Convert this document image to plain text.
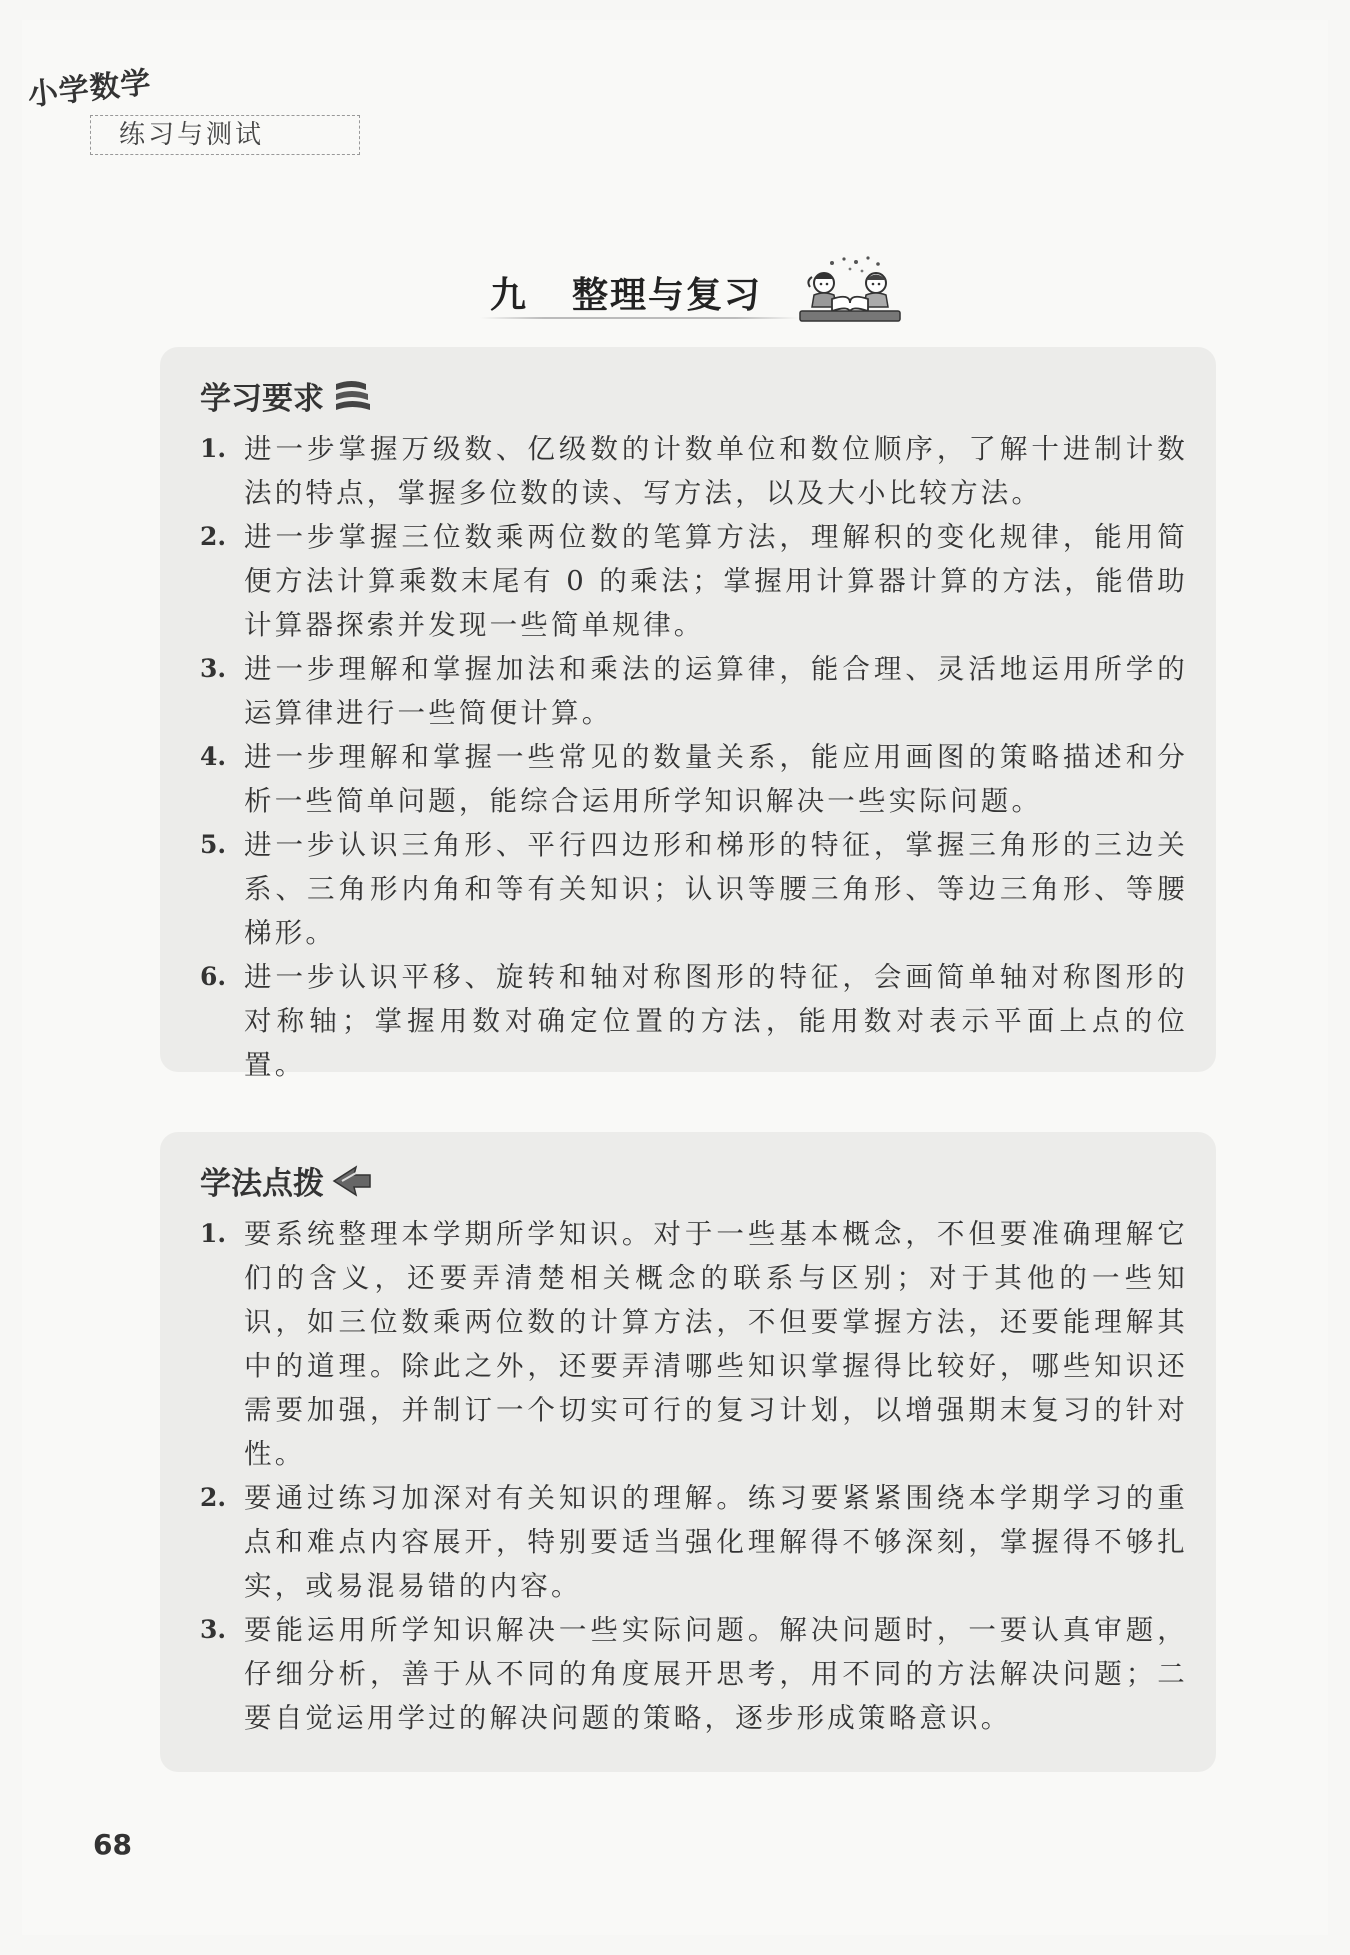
小学数学
练习与测试
九 整理与复习
学习要求
1. 进一步掌握万级数、亿级数的计数单位和数位顺序，了解十进制计数法的特点，掌握多位数的读、写方法，以及大小比较方法。
2. 进一步掌握三位数乘两位数的笔算方法，理解积的变化规律，能用简便方法计算乘数末尾有 0 的乘法；掌握用计算器计算的方法，能借助计算器探索并发现一些简单规律。
3. 进一步理解和掌握加法和乘法的运算律，能合理、灵活地运用所学的运算律进行一些简便计算。
4. 进一步理解和掌握一些常见的数量关系，能应用画图的策略描述和分析一些简单问题，能综合运用所学知识解决一些实际问题。
5. 进一步认识三角形、平行四边形和梯形的特征，掌握三角形的三边关系、三角形内角和等有关知识；认识等腰三角形、等边三角形、等腰梯形。
6. 进一步认识平移、旋转和轴对称图形的特征，会画简单轴对称图形的对称轴；掌握用数对确定位置的方法，能用数对表示平面上点的位置。
学法点拨
1. 要系统整理本学期所学知识。对于一些基本概念，不但要准确理解它们的含义，还要弄清楚相关概念的联系与区别；对于其他的一些知识，如三位数乘两位数的计算方法，不但要掌握方法，还要能理解其中的道理。除此之外，还要弄清哪些知识掌握得比较好，哪些知识还需要加强，并制订一个切实可行的复习计划，以增强期末复习的针对性。
2. 要通过练习加深对有关知识的理解。练习要紧紧围绕本学期学习的重点和难点内容展开，特别要适当强化理解得不够深刻，掌握得不够扎实，或易混易错的内容。
3. 要能运用所学知识解决一些实际问题。解决问题时，一要认真审题，仔细分析，善于从不同的角度展开思考，用不同的方法解决问题；二要自觉运用学过的解决问题的策略，逐步形成策略意识。
68
